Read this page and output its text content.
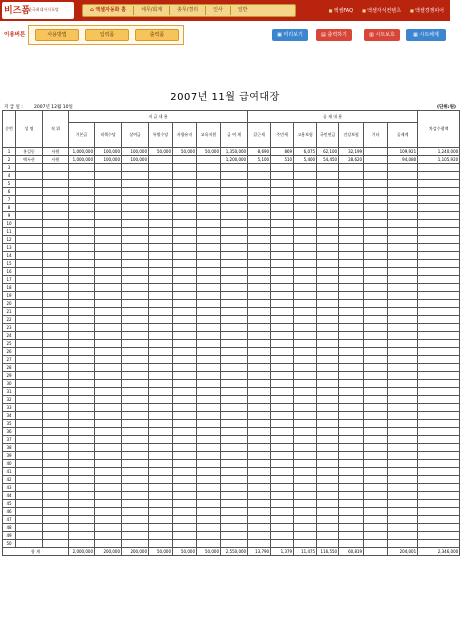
비즈폼
한국최대서식포탈	⌂ 엑셀자동화 홈	세무/회계	총무/경리	인사	일반	■ 엑셀FAQ	■ 엑셀자식컨텐츠	■ 엑셀경쟁피어
이용버튼	사용방법	입력폼	출력폼	▣ 미리보기	▤ 출력하기	▥ 시트보호	▦ 시트해제
2007년 11월 급여대장
지 급 일 : 2007년 12월 10일	(단위:원)
순번	성 명	직 위	지 급 내 용							공 제 내 용							차감수령액
			기본급	직책수당	상여금	특별수당	자량유지	교육지원	급 여 계	갑근세	주민세	고용보험	국민연금	건강보험	기타	공제계	
1	홍길동	사원	1,000,000	100,000	100,000	50,000	50,000	50,000	1,350,000	8,690	869	6,075	62,100	32,199		109,921	1,240,000
2	백두산	사원	1,000,000	100,000	100,000				1,200,000	5,100	510	5,400	54,450	28,620		94,080	1,105,920
3																	
4																	
5																	
6																	
7																	
8																	
9																	
10																	
11																	
12																	
13																	
14																	
15																	
16																	
17																	
18																	
19																	
20																	
21																	
22																	
23																	
24																	
25																	
26																	
27																	
28																	
29																	
30																	
31																	
32																	
33																	
34																	
35																	
36																	
37																	
38																	
39																	
40																	
41																	
42																	
43																	
44																	
45																	
46																	
47																	
48																	
49																	
50																	
합 계			2,000,000	200,000	200,000	50,000	50,000	50,000	2,550,000	13,790	1,379	11,475	116,550	60,819		204,001	2,346,000
